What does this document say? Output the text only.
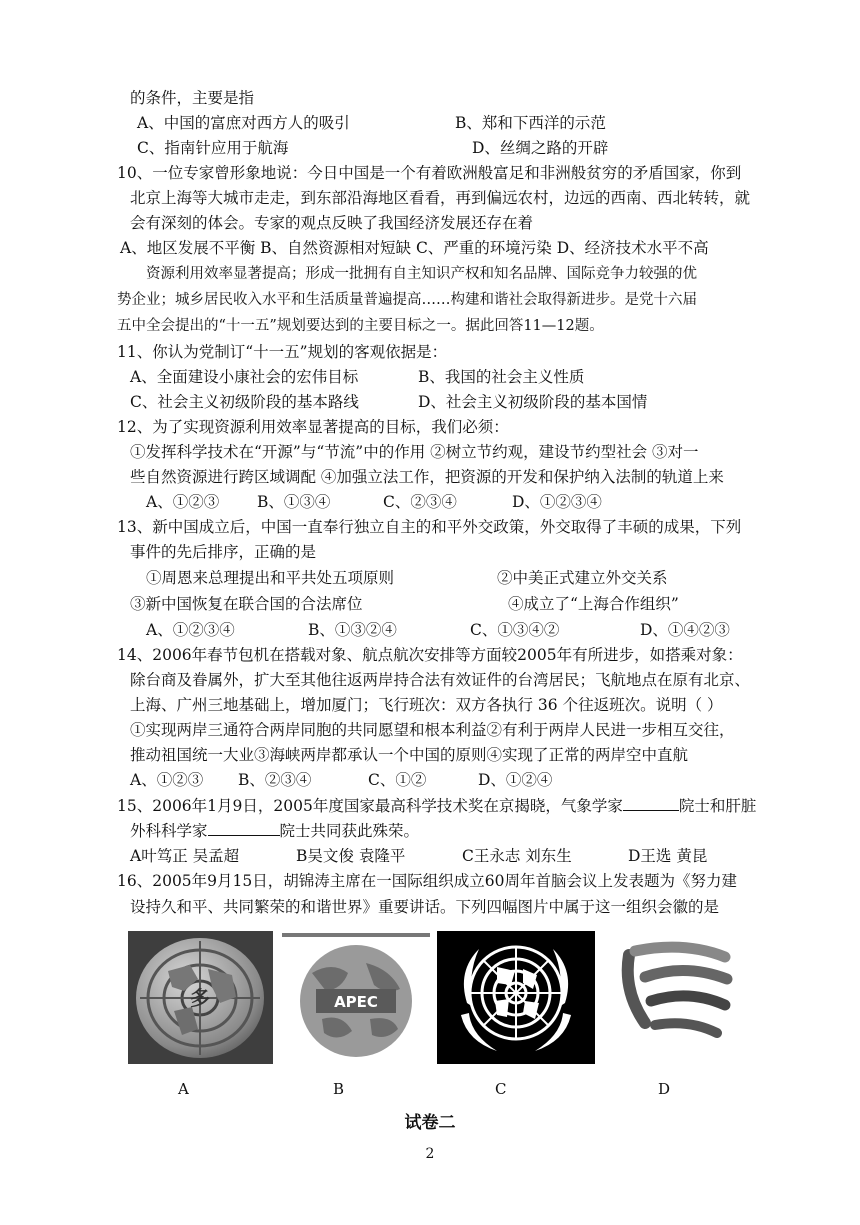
的条件，主要是指
A、中国的富庶对西方人的吸引	B、郑和下西洋的示范
C、指南针应用于航海	D、丝绸之路的开辟
10、一位专家曾形象地说：今日中国是一个有着欧洲般富足和非洲般贫穷的矛盾国家，你到
北京上海等大城市走走，到东部沿海地区看看，再到偏远农村，边远的西南、西北转转，就
会有深刻的体会。专家的观点反映了我国经济发展还存在着
A、地区发展不平衡 B、自然资源相对短缺 C、严重的环境污染 D、经济技术水平不高
资源利用效率显著提高；形成一批拥有自主知识产权和知名品牌、国际竞争力较强的优
势企业；城乡居民收入水平和生活质量普遍提高……构建和谐社会取得新进步。是党十六届
五中全会提出的“十一五”规划要达到的主要目标之一。据此回答11—12题。
11、你认为党制订“十一五”规划的客观依据是：
A、全面建设小康社会的宏伟目标	B、我国的社会主义性质
C、社会主义初级阶段的基本路线	D、社会主义初级阶段的基本国情
12、为了实现资源利用效率显著提高的目标，我们必须：
①发挥科学技术在“开源”与“节流”中的作用 ②树立节约观，建设节约型社会 ③对一
些自然资源进行跨区域调配 ④加强立法工作，把资源的开发和保护纳入法制的轨道上来
A、①②③ B、①③④	C、②③④	D、①②③④
13、新中国成立后，中国一直奉行独立自主的和平外交政策，外交取得了丰硕的成果，下列
事件的先后排序，正确的是
①周恩来总理提出和平共处五项原则	②中美正式建立外交关系
③新中国恢复在联合国的合法席位	④成立了“上海合作组织”
A、①②③④	B、①③②④	C、①③④②	D、①④②③
14、2006年春节包机在搭载对象、航点航次安排等方面较2005年有所进步，如搭乘对象：
除台商及眷属外，扩大至其他往返两岸持合法有效证件的台湾居民；飞航地点在原有北京、
上海、广州三地基础上，增加厦门；飞行班次：双方各执行 36 个往返班次。说明（ ）
①实现两岸三通符合两岸同胞的共同愿望和根本利益②有利于两岸人民进一步相互交往，
推动祖国统一大业③海峡两岸都承认一个中国的原则④实现了正常的两岸空中直航
A、①②③ B、②③④	C、①②	D、①②④
15、2006年1月9日，2005年度国家最高科学技术奖在京揭晓，气象学家	院士和肝脏
外科科学家	院士共同获此殊荣。
A叶笃正 吴孟超	B吴文俊 袁隆平	C王永志 刘东生	D王选 黄昆
16、2005年9月15日，胡锦涛主席在一国际组织成立60周年首脑会议上发表题为《努力建
设持久和平、共同繁荣的和谐世界》重要讲话。下列四幅图片中属于这一组织会徽的是
多	APEC
A	B	C	D
试卷二
2
